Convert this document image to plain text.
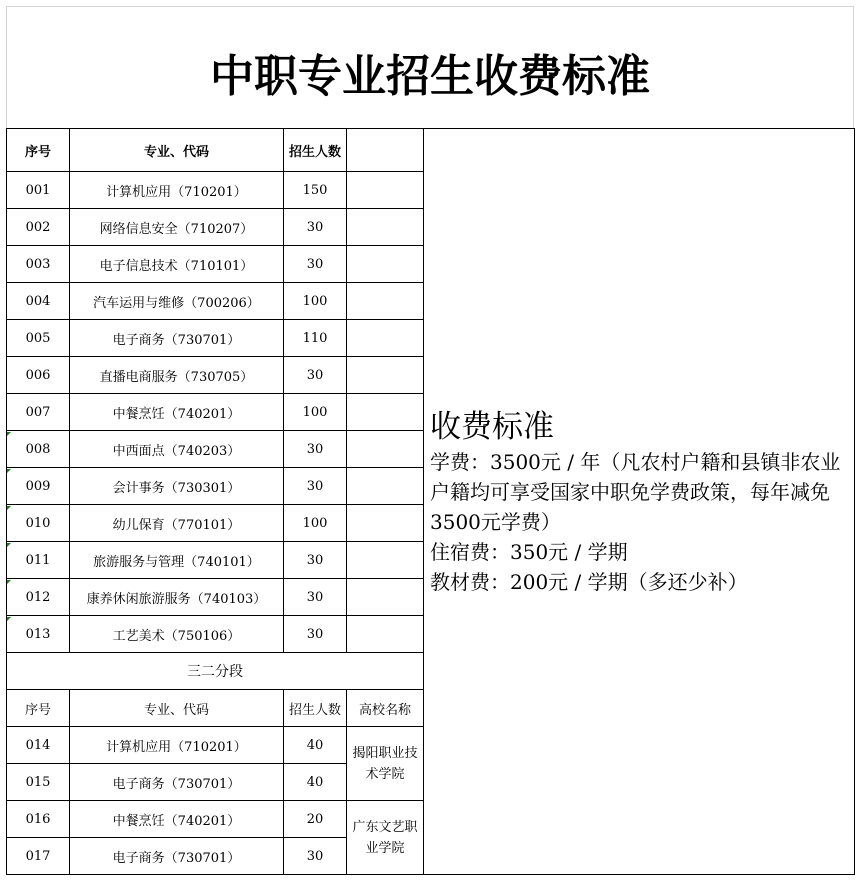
中职专业招生收费标准
序号	专业、代码	招生人数		收费标准
学费：3500元 / 年（凡农村户籍和县镇非农业户籍均可享受国家中职免学费政策，每年减免3500元学费）
住宿费：350元 / 学期
教材费：200元 / 学期（多还少补）

001	计算机应用（710201）	150		
002	网络信息安全（710207）	30		
003	电子信息技术（710101）	30		
004	汽车运用与维修（700206）	100		
005	电子商务（730701）	110		
006	直播电商服务（730705）	30		
007	中餐烹饪（740201）	100		
008	中西面点（740203）	30		
009	会计事务（730301）	30		
010	幼儿保育（770101）	100		
011	旅游服务与管理（740101）	30		
012	康养休闲旅游服务（740103）	30		
013	工艺美术（750106）	30		
三二分段				
序号	专业、代码	招生人数	高校名称	
014	计算机应用（710201）	40	揭阳职业技术学院	
015	电子商务（730701）	40		
016	中餐烹饪（740201）	20	广东文艺职业学院	
017	电子商务（730701）	30		
